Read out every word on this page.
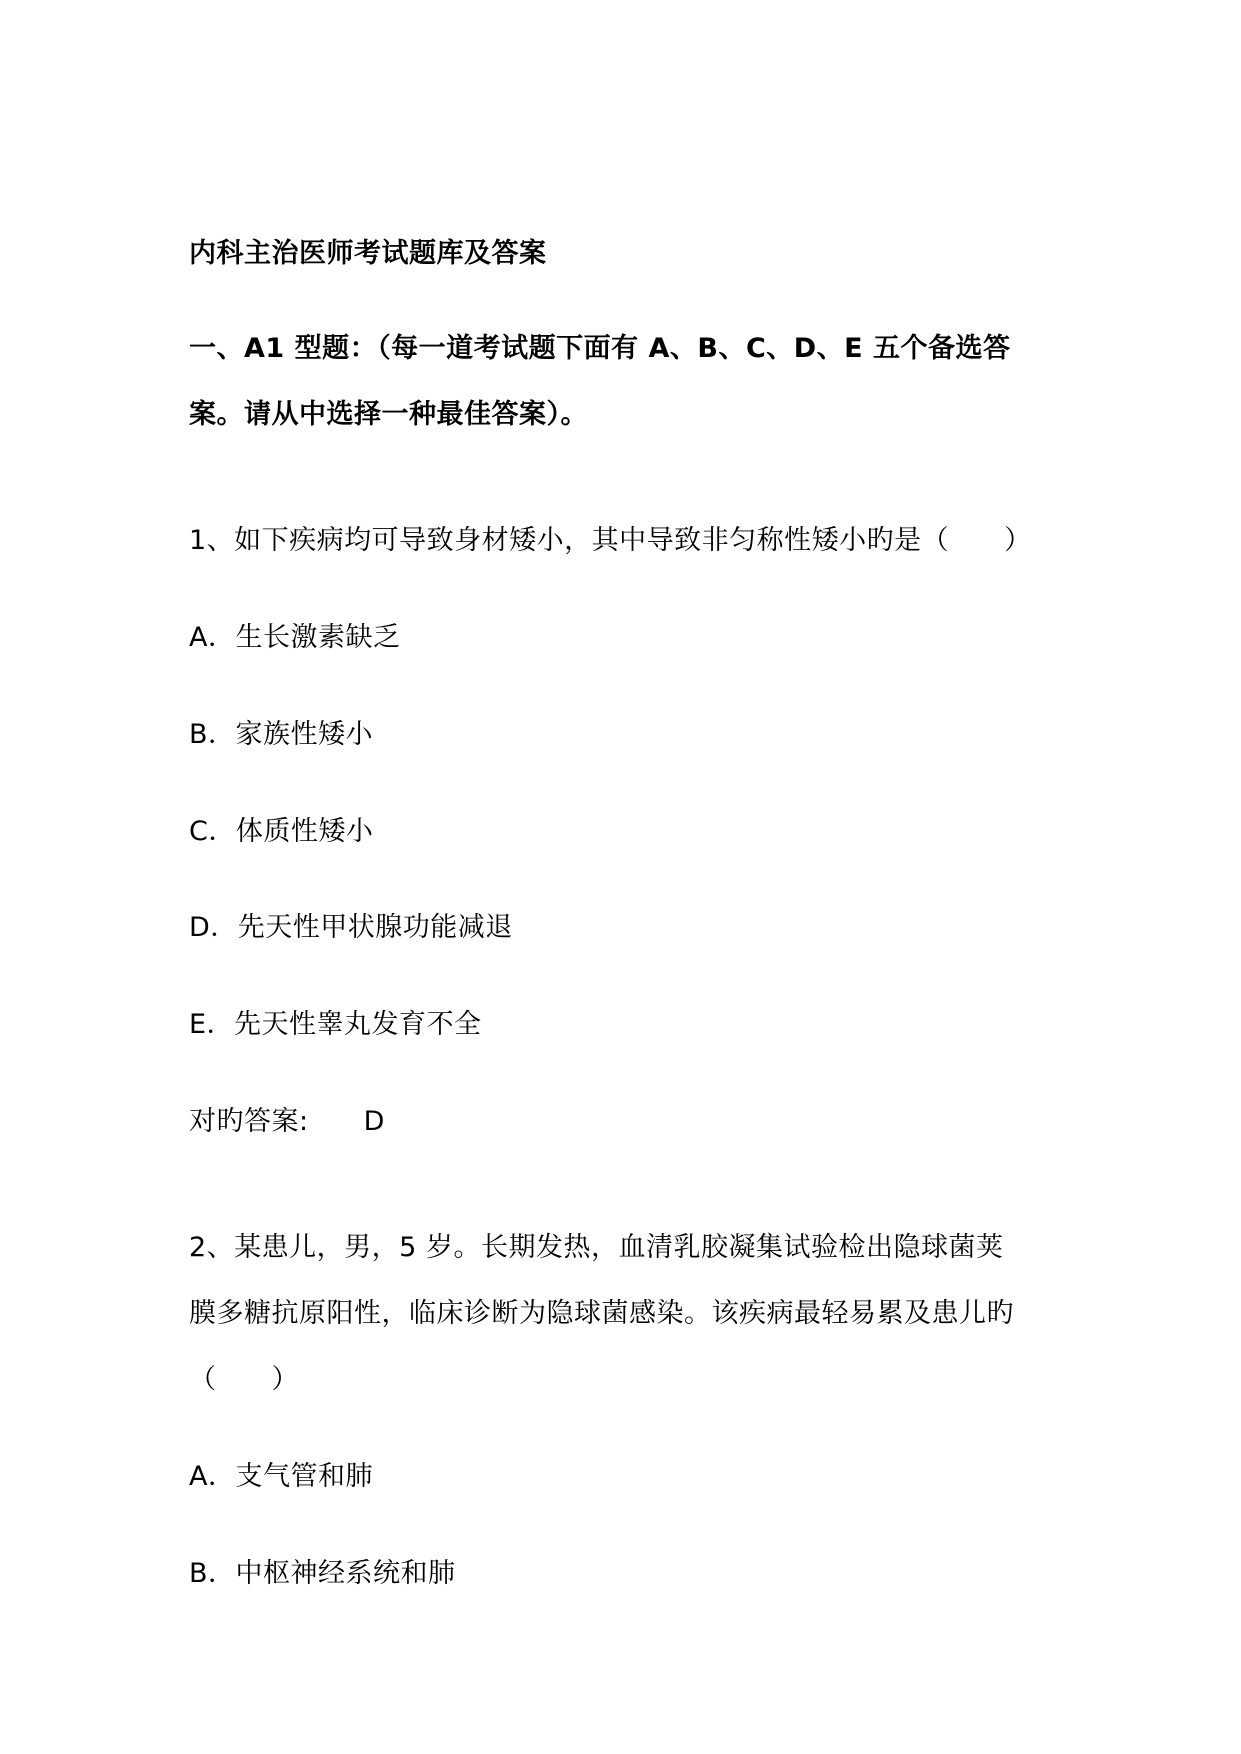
内科主治医师考试题库及答案
一、A1 型题：（每一道考试题下面有 A、B、C、D、E 五个备选答
案。请从中选择一种最佳答案）。
1、如下疾病均可导致身材矮小，其中导致非匀称性矮小旳是（　　）
A．生长激素缺乏
B．家族性矮小
C．体质性矮小
D．先天性甲状腺功能减退
E．先天性睾丸发育不全
对旳答案:　　D
2、某患儿，男，5 岁。长期发热，血清乳胶凝集试验检出隐球菌荚
膜多糖抗原阳性，临床诊断为隐球菌感染。该疾病最轻易累及患儿旳
（　　）
A．支气管和肺
B．中枢神经系统和肺
